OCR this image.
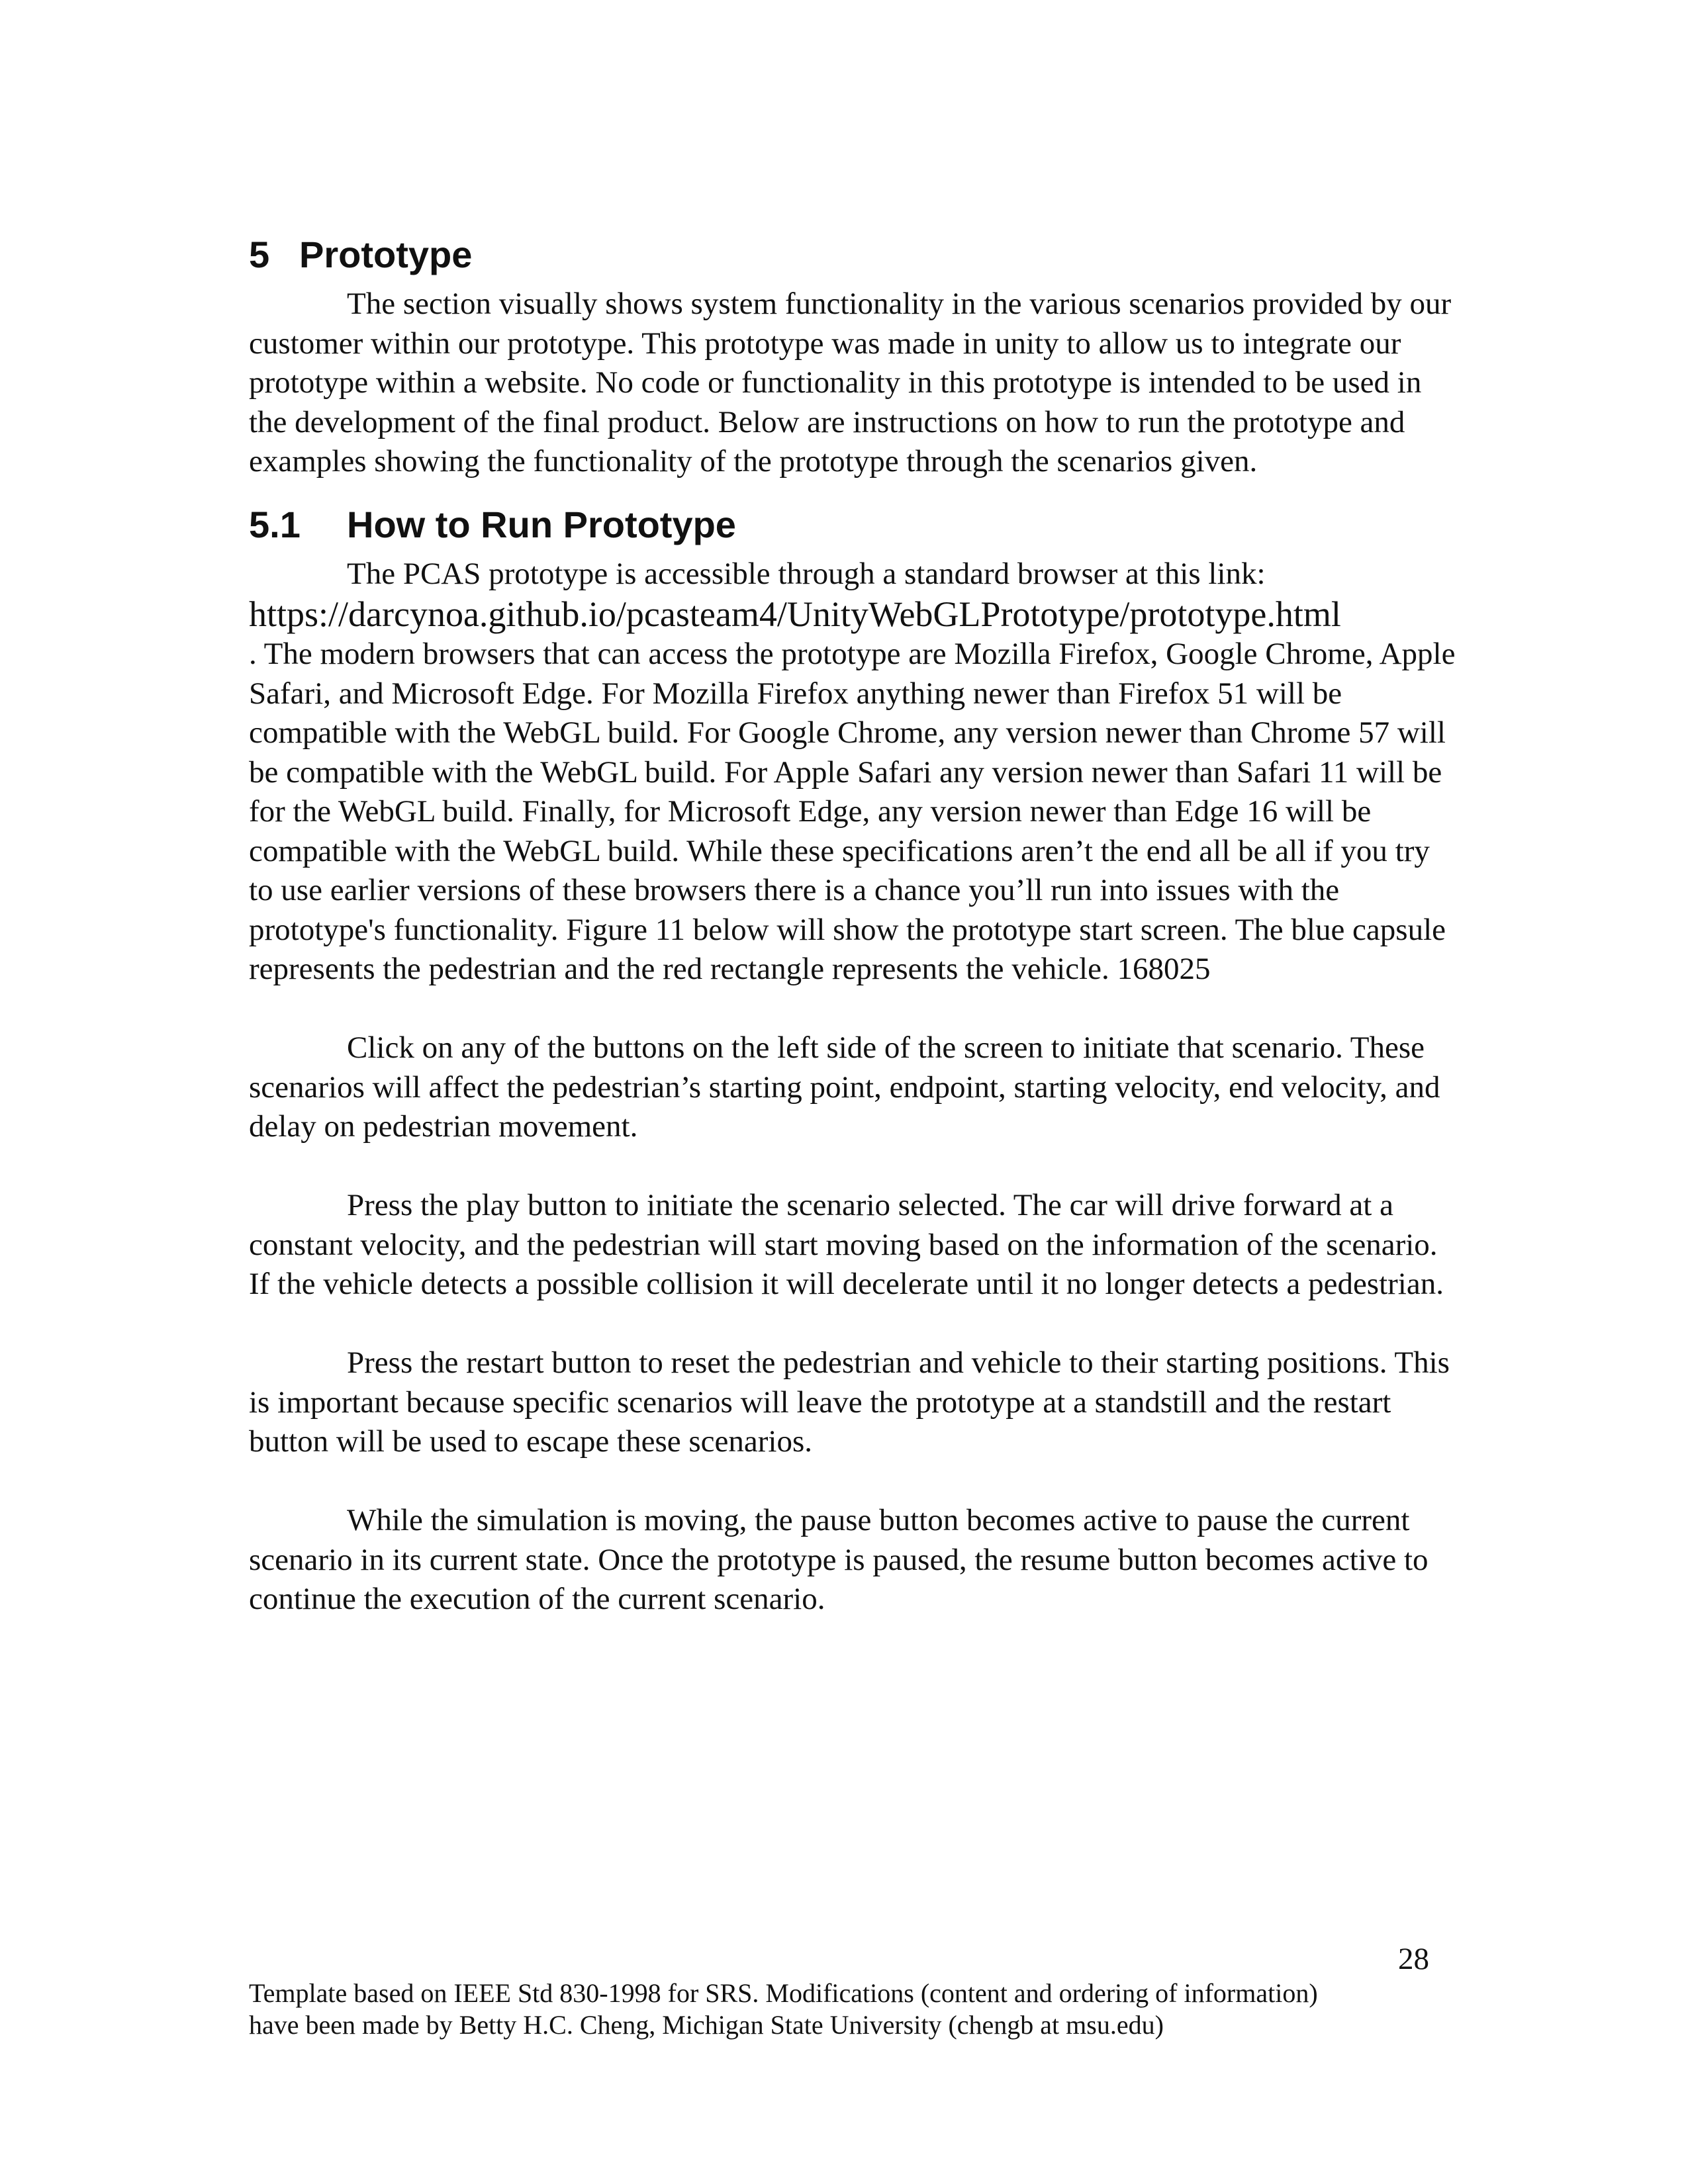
5 Prototype

The section visually shows system functionality in the various scenarios provided by our customer within our prototype. This prototype was made in unity to allow us to integrate our prototype within a website. No code or functionality in this prototype is intended to be used in the development of the final product. Below are instructions on how to run the prototype and examples showing the functionality of the prototype through the scenarios given.

5.1 How to Run Prototype

The PCAS prototype is accessible through a standard browser at this link:

https://darcynoa.github.io/pcasteam4/UnityWebGLPrototype/prototype.html

. The modern browsers that can access the prototype are Mozilla Firefox, Google Chrome, Apple Safari, and Microsoft Edge. For Mozilla Firefox anything newer than Firefox 51 will be compatible with the WebGL build. For Google Chrome, any version newer than Chrome 57 will be compatible with the WebGL build. For Apple Safari any version newer than Safari 11 will be for the WebGL build. Finally, for Microsoft Edge, any version newer than Edge 16 will be compatible with the WebGL build. While these specifications aren’t the end all be all if you try to use earlier versions of these browsers there is a chance you’ll run into issues with the prototype's functionality. Figure 11 below will show the prototype start screen. The blue capsule represents the pedestrian and the red rectangle represents the vehicle. 168025

Click on any of the buttons on the left side of the screen to initiate that scenario. These scenarios will affect the pedestrian’s starting point, endpoint, starting velocity, end velocity, and delay on pedestrian movement.

Press the play button to initiate the scenario selected. The car will drive forward at a constant velocity, and the pedestrian will start moving based on the information of the scenario. If the vehicle detects a possible collision it will decelerate until it no longer detects a pedestrian.

Press the restart button to reset the pedestrian and vehicle to their starting positions. This is important because specific scenarios will leave the prototype at a standstill and the restart button will be used to escape these scenarios.

While the simulation is moving, the pause button becomes active to pause the current scenario in its current state. Once the prototype is paused, the resume button becomes active to continue the execution of the current scenario.

28
Template based on IEEE Std 830-1998 for SRS. Modifications (content and ordering of information)
have been made by Betty H.C. Cheng, Michigan State University (chengb at msu.edu)
